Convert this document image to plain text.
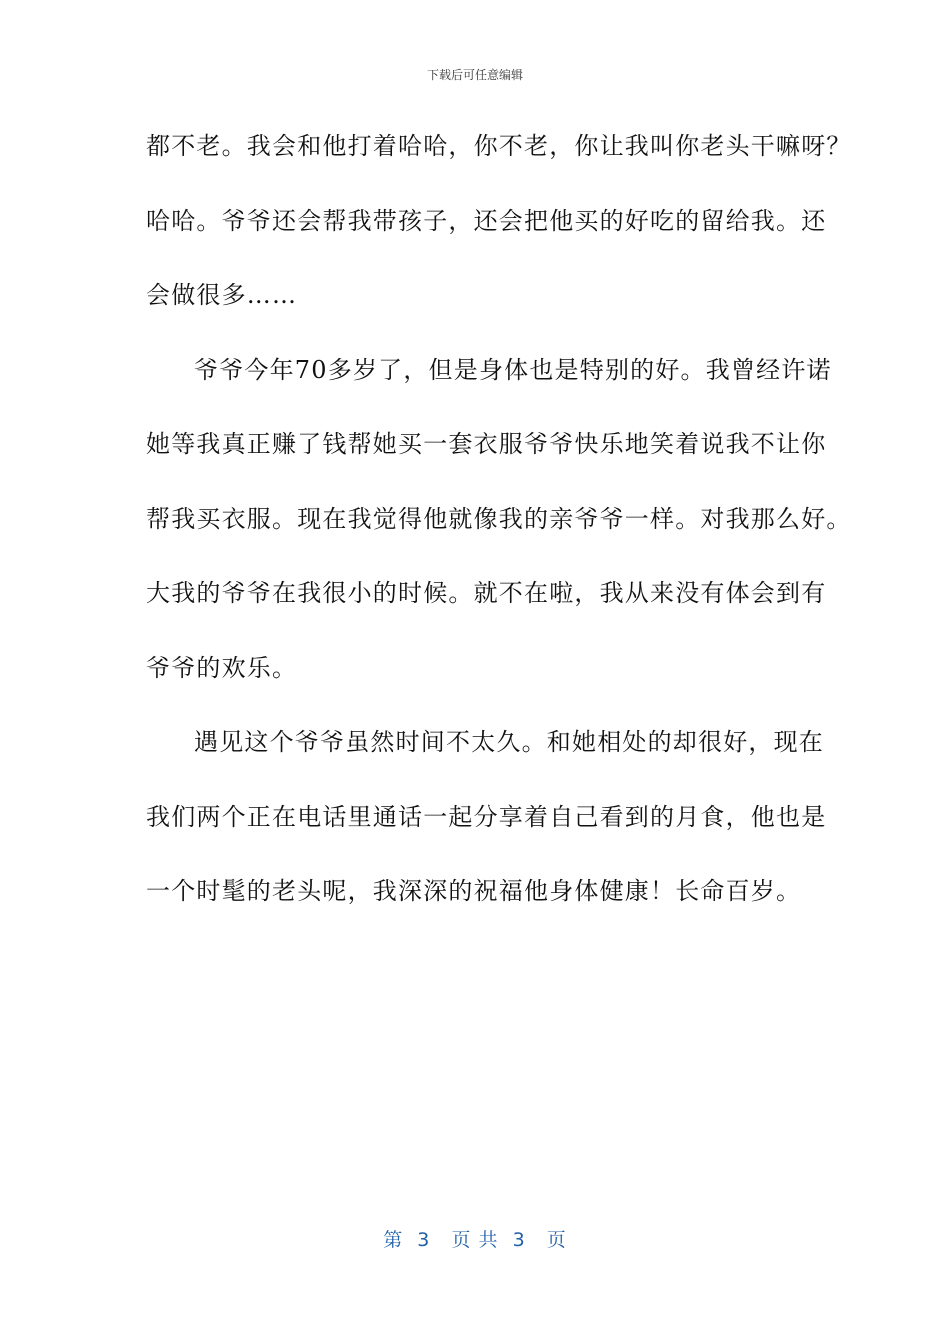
下载后可任意编辑
都不老。我会和他打着哈哈，你不老，你让我叫你老头干嘛呀？
哈哈。爷爷还会帮我带孩子，还会把他买的好吃的留给我。还
会做很多……
爷爷今年70多岁了，但是身体也是特别的好。我曾经许诺
她等我真正赚了钱帮她买一套衣服爷爷快乐地笑着说我不让你
帮我买衣服。现在我觉得他就像我的亲爷爷一样。对我那么好。
大我的爷爷在我很小的时候。就不在啦，我从来没有体会到有
爷爷的欢乐。
遇见这个爷爷虽然时间不太久。和她相处的却很好，现在
我们两个正在电话里通话一起分享着自己看到的月食，他也是
一个时髦的老头呢，我深深的祝福他身体健康！长命百岁。
第  3   页 共  3   页
